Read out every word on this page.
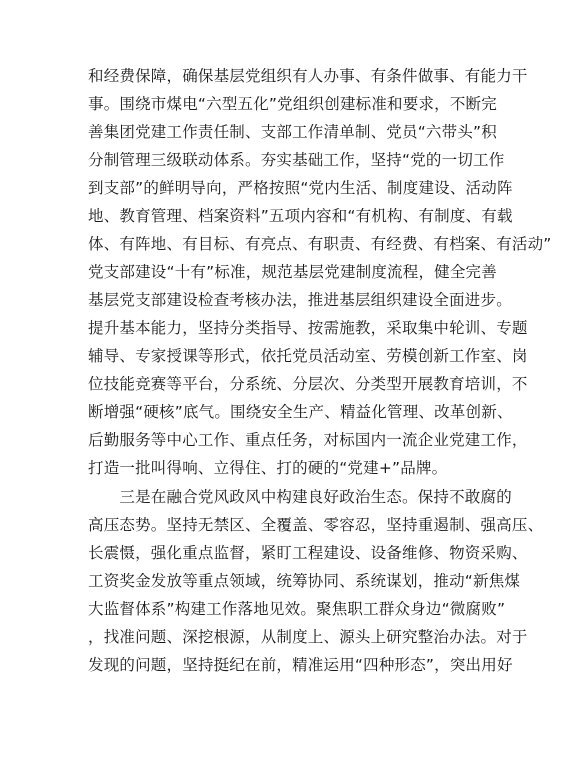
和经费保障，确保基层党组织有人办事、有条件做事、有能力干
事。围绕市煤电“六型五化”党组织创建标准和要求，不断完
善集团党建工作责任制、支部工作清单制、党员“六带头”积
分制管理三级联动体系。夯实基础工作，坚持“党的一切工作
到支部”的鲜明导向，严格按照“党内生活、制度建设、活动阵
地、教育管理、档案资料”五项内容和“有机构、有制度、有载
体、有阵地、有目标、有亮点、有职责、有经费、有档案、有活动”
党支部建设“十有”标准，规范基层党建制度流程，健全完善
基层党支部建设检查考核办法，推进基层组织建设全面进步。
提升基本能力，坚持分类指导、按需施教，采取集中轮训、专题
辅导、专家授课等形式，依托党员活动室、劳模创新工作室、岗
位技能竞赛等平台，分系统、分层次、分类型开展教育培训，不
断增强“硬核”底气。围绕安全生产、精益化管理、改革创新、
后勤服务等中心工作、重点任务，对标国内一流企业党建工作，
打造一批叫得响、立得住、打的硬的“党建+”品牌。
　　三是在融合党风政风中构建良好政治生态。保持不敢腐的
高压态势。坚持无禁区、全覆盖、零容忍，坚持重遏制、强高压、
长震慑，强化重点监督，紧盯工程建设、设备维修、物资采购、
工资奖金发放等重点领域，统筹协同、系统谋划，推动“新焦煤
大监督体系”构建工作落地见效。聚焦职工群众身边“微腐败”
，找准问题、深挖根源，从制度上、源头上研究整治办法。对于
发现的问题，坚持挺纪在前，精准运用“四种形态”，突出用好
